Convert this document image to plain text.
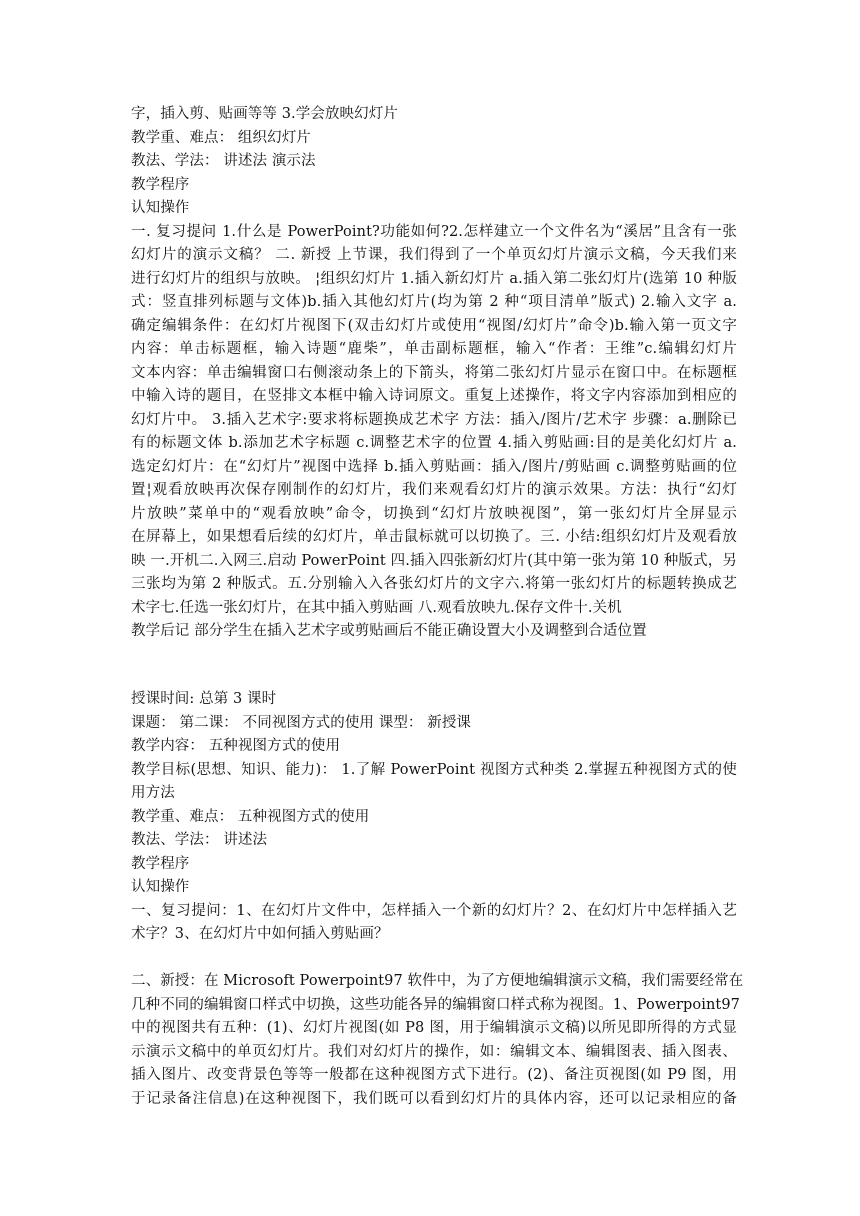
字，插入剪、贴画等等 3.学会放映幻灯片
教学重、难点： 组织幻灯片
教法、学法： 讲述法 演示法
教学程序
认知操作
一. 复习提问 1.什么是 PowerPoint?功能如何?2.怎样建立一个文件名为“溪居”且含有一张
幻灯片的演示文稿？ 二. 新授 上节课，我们得到了一个单页幻灯片演示文稿，今天我们来
进行幻灯片的组织与放映。 ¦组织幻灯片 1.插入新幻灯片 a.插入第二张幻灯片(选第 10 种版
式：竖直排列标题与文体)b.插入其他幻灯片(均为第 2 种“项目清单”版式) 2.输入文字 a.
确定编辑条件：在幻灯片视图下(双击幻灯片或使用“视图/幻灯片”命令)b.输入第一页文字
内容：单击标题框，输入诗题“鹿柴”，单击副标题框，输入“作者：王维”c.编辑幻灯片
文本内容：单击编辑窗口右侧滚动条上的下箭头，将第二张幻灯片显示在窗口中。在标题框
中输入诗的题目，在竖排文本框中输入诗词原文。重复上述操作，将文字内容添加到相应的
幻灯片中。 3.插入艺术字:要求将标题换成艺术字 方法：插入/图片/艺术字 步骤：a.删除已
有的标题文体 b.添加艺术字标题 c.调整艺术字的位置 4.插入剪贴画:目的是美化幻灯片 a.
选定幻灯片：在“幻灯片”视图中选择 b.插入剪贴画：插入/图片/剪贴画 c.调整剪贴画的位
置¦观看放映再次保存刚制作的幻灯片，我们来观看幻灯片的演示效果。方法：执行“幻灯
片放映”菜单中的“观看放映”命令，切换到“幻灯片放映视图”，第一张幻灯片全屏显示
在屏幕上，如果想看后续的幻灯片，单击鼠标就可以切换了。三. 小结:组织幻灯片及观看放
映 一.开机二.入网三.启动 PowerPoint 四.插入四张新幻灯片(其中第一张为第 10 种版式，另
三张均为第 2 种版式。五.分别输入入各张幻灯片的文字六.将第一张幻灯片的标题转换成艺
术字七.任选一张幻灯片，在其中插入剪贴画 八.观看放映九.保存文件十.关机
教学后记 部分学生在插入艺术字或剪贴画后不能正确设置大小及调整到合适位置
授课时间: 总第 3 课时
课题： 第二课： 不同视图方式的使用 课型： 新授课
教学内容： 五种视图方式的使用
教学目标(思想、知识、能力)： 1.了解 PowerPoint 视图方式种类 2.掌握五种视图方式的使
用方法
教学重、难点： 五种视图方式的使用
教法、学法： 讲述法
教学程序
认知操作
一、复习提问：1、在幻灯片文件中，怎样插入一个新的幻灯片？2、在幻灯片中怎样插入艺
术字？3、在幻灯片中如何插入剪贴画？
二、新授：在 Microsoft Powerpoint97 软件中，为了方便地编辑演示文稿，我们需要经常在
几种不同的编辑窗口样式中切换，这些功能各异的编辑窗口样式称为视图。1、Powerpoint97
中的视图共有五种：(1)、幻灯片视图(如 P8 图，用于编辑演示文稿)以所见即所得的方式显
示演示文稿中的单页幻灯片。我们对幻灯片的操作，如：编辑文本、编辑图表、插入图表、
插入图片、改变背景色等等一般都在这种视图方式下进行。(2)、备注页视图(如 P9 图，用
于记录备注信息)在这种视图下，我们既可以看到幻灯片的具体内容，还可以记录相应的备
